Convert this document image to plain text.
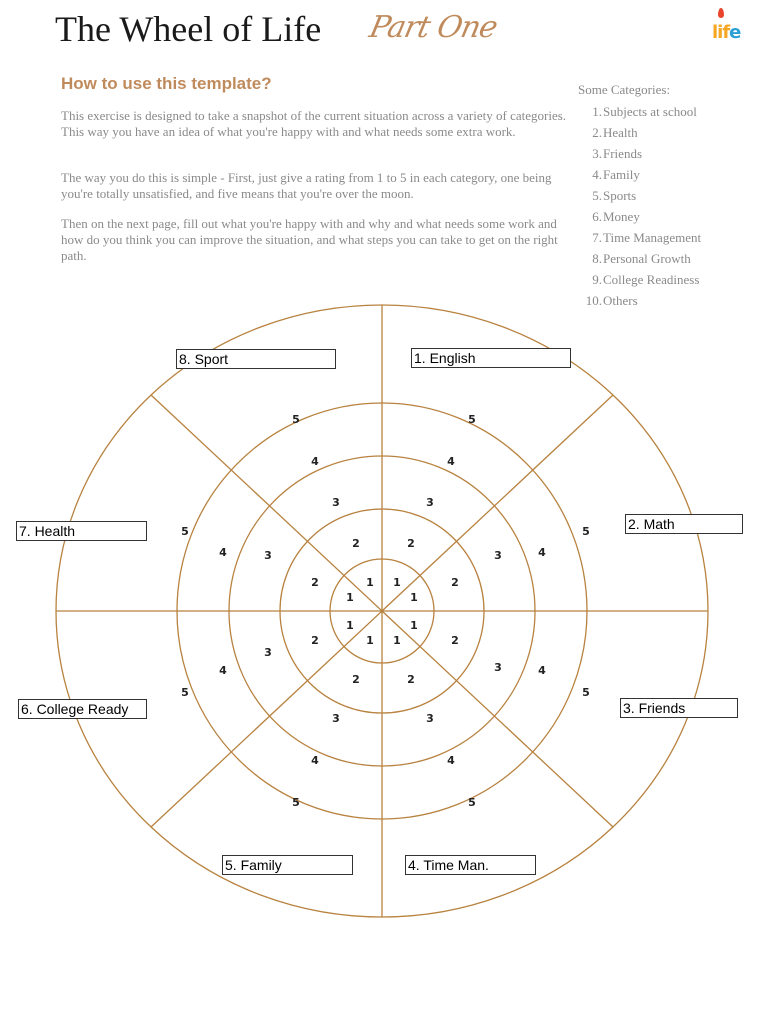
The Wheel of Life Part One	life
How to use this template?

This exercise is designed to take a snapshot of the current situation across a variety of categories. This way you have an idea of what you're happy with and what needs some extra work.

The way you do this is simple - First, just give a rating from 1 to 5 in each category, one being you're totally unsatisfied, and five means that you're over the moon.

Then on the next page, fill out what you're happy with and why and what needs some work and how do you think you can improve the situation, and what steps you can take to get on the right path.

Some Categories:
1. Subjects at school
2. Health
3. Friends
4. Family
5. Sports
6. Money
7. Time Management
8. Personal Growth
9. College Readiness
10. Others
1 1
1
1
1
1
1
1
2	2
2
2
2
2
2
2
3	3
3
3
3
3
3
3
4	4
4
4
4
4
4
4
5	5
5
5
5
5
5
5
1. English
2. Math
3. Friends
4. Time Man.
5. Family
6. College Ready
7. Health
8. Sport
